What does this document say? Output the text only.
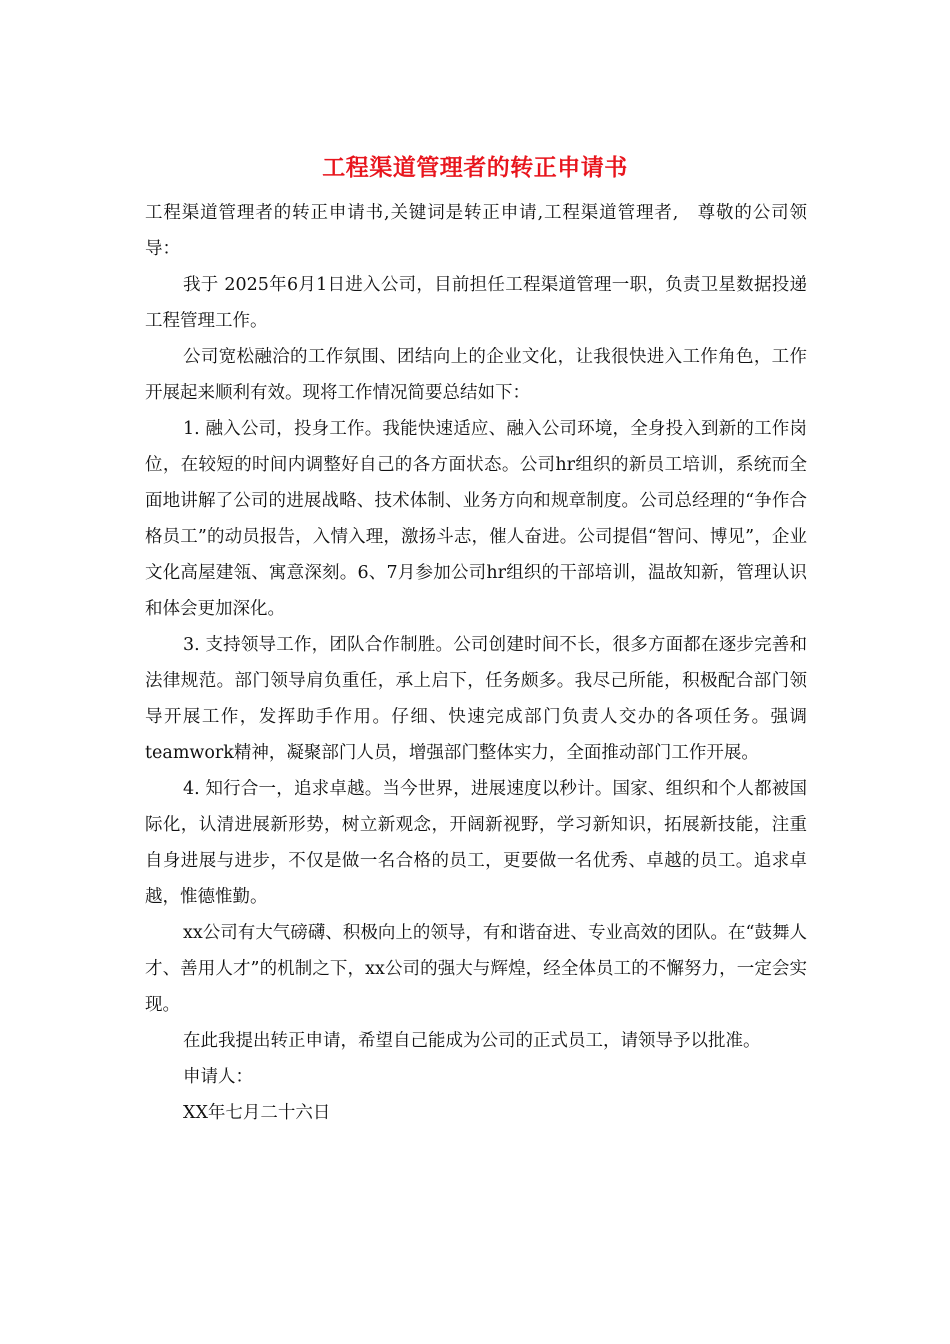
工程渠道管理者的转正申请书

工程渠道管理者的转正申请书,关键词是转正申请,工程渠道管理者,　尊敬的公司领导：

我于 2025年6月1日进入公司，目前担任工程渠道管理一职，负责卫星数据投递工程管理工作。

公司宽松融洽的工作氛围、团结向上的企业文化，让我很快进入工作角色，工作开展起来顺利有效。现将工作情况简要总结如下：

1. 融入公司，投身工作。我能快速适应、融入公司环境，全身投入到新的工作岗位，在较短的时间内调整好自己的各方面状态。公司hr组织的新员工培训，系统而全面地讲解了公司的进展战略、技术体制、业务方向和规章制度。公司总经理的“争作合格员工”的动员报告，入情入理，激扬斗志，催人奋进。公司提倡“智问、博见”，企业文化高屋建瓴、寓意深刻。6、7月参加公司hr组织的干部培训，温故知新，管理认识和体会更加深化。

3. 支持领导工作，团队合作制胜。公司创建时间不长，很多方面都在逐步完善和法律规范。部门领导肩负重任，承上启下，任务颇多。我尽己所能，积极配合部门领导开展工作，发挥助手作用。仔细、快速完成部门负责人交办的各项任务。强调teamwork精神，凝聚部门人员，增强部门整体实力，全面推动部门工作开展。

4. 知行合一，追求卓越。当今世界，进展速度以秒计。国家、组织和个人都被国 际化，认清进展新形势，树立新观念，开阔新视野，学习新知识，拓展新技能，注重自身进展与进步，不仅是做一名合格的员工，更要做一名优秀、卓越的员工。追求卓越，惟德惟勤。

xx公司有大气磅礴、积极向上的领导，有和谐奋进、专业高效的团队。在“鼓舞人才、善用人才”的机制之下，xx公司的强大与辉煌，经全体员工的不懈努力，一定会实现。

在此我提出转正申请，希望自己能成为公司的正式员工，请领导予以批准。

申请人：

XX年七月二十六日
